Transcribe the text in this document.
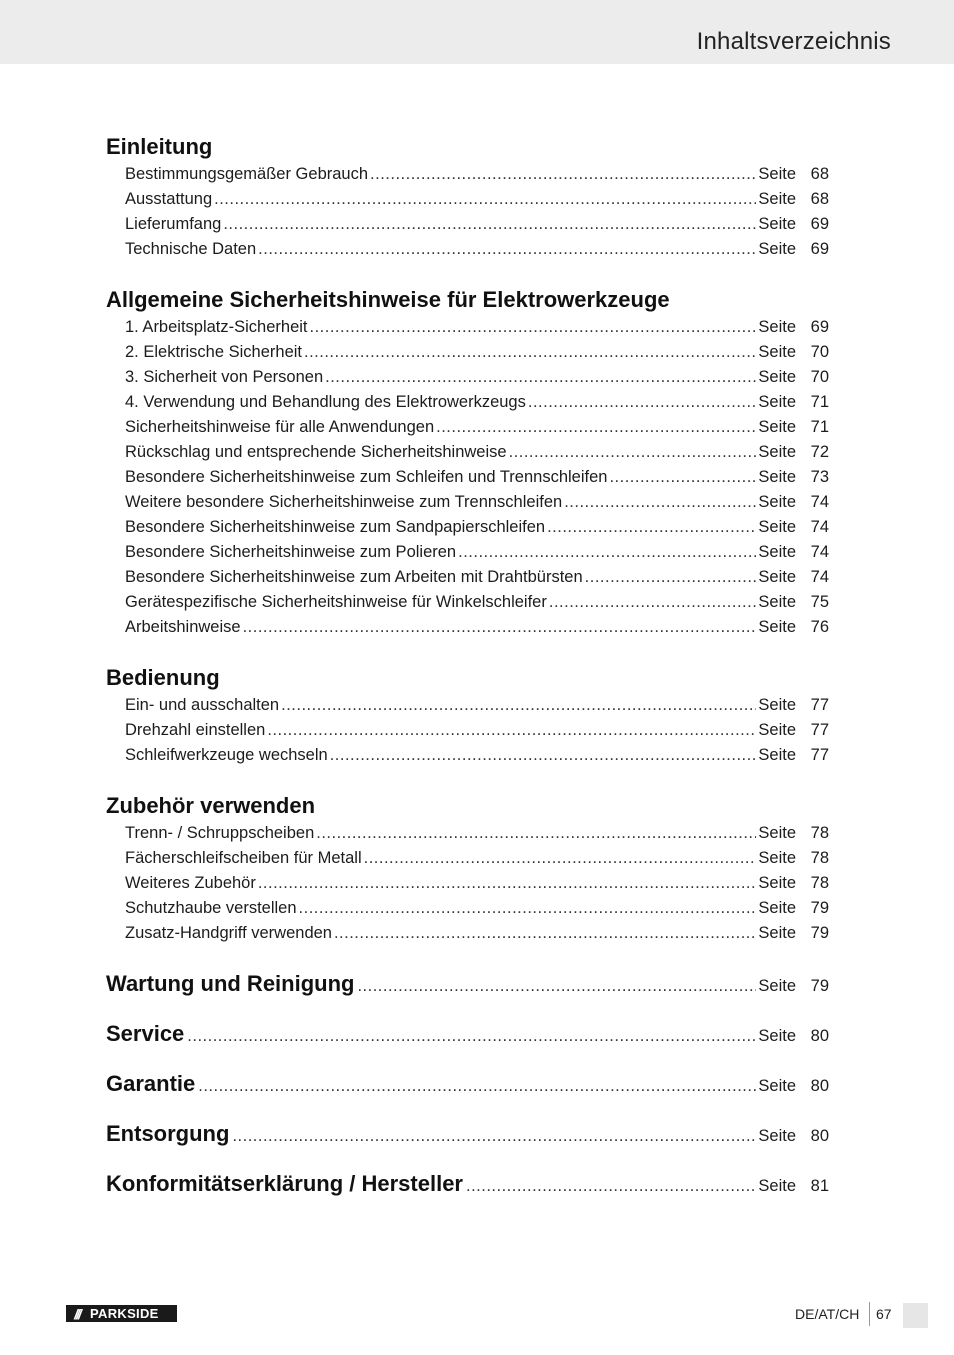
Inhaltsverzeichnis
Einleitung
Bestimmungsgemäßer Gebrauch .....	Seite 68
Ausstattung .....	Seite 68
Lieferumfang .....	Seite 69
Technische Daten .....	Seite 69
Allgemeine Sicherheitshinweise für Elektrowerkzeuge
1. Arbeitsplatz-Sicherheit .....	Seite 69
2. Elektrische Sicherheit .....	Seite 70
3. Sicherheit von Personen .....	Seite 70
4. Verwendung und Behandlung des Elektrowerkzeugs .....	Seite 71
Sicherheitshinweise für alle Anwendungen .....	Seite 71
Rückschlag und entsprechende Sicherheitshinweise .....	Seite 72
Besondere Sicherheitshinweise zum Schleifen und Trennschleifen .....	Seite 73
Weitere besondere Sicherheitshinweise zum Trennschleifen .....	Seite 74
Besondere Sicherheitshinweise zum Sandpapierschleifen .....	Seite 74
Besondere Sicherheitshinweise zum Polieren .....	Seite 74
Besondere Sicherheitshinweise zum Arbeiten mit Drahtbürsten .....	Seite 74
Gerätespezifische Sicherheitshinweise für Winkelschleifer .....	Seite 75
Arbeitshinweise .....	Seite 76
Bedienung
Ein- und ausschalten .....	Seite 77
Drehzahl einstellen .....	Seite 77
Schleifwerkzeuge wechseln .....	Seite 77
Zubehör verwenden
Trenn- / Schruppscheiben .....	Seite 78
Fächerschleifscheiben für Metall .....	Seite 78
Weiteres Zubehör .....	Seite 78
Schutzhaube verstellen .....	Seite 79
Zusatz-Handgriff verwenden .....	Seite 79
Wartung und Reinigung .....	Seite 79
Service .....	Seite 80
Garantie .....	Seite 80
Entsorgung .....	Seite 80
Konformitätserklärung / Hersteller .....	Seite 81
/// PARKSIDE	DE/AT/CH 67
